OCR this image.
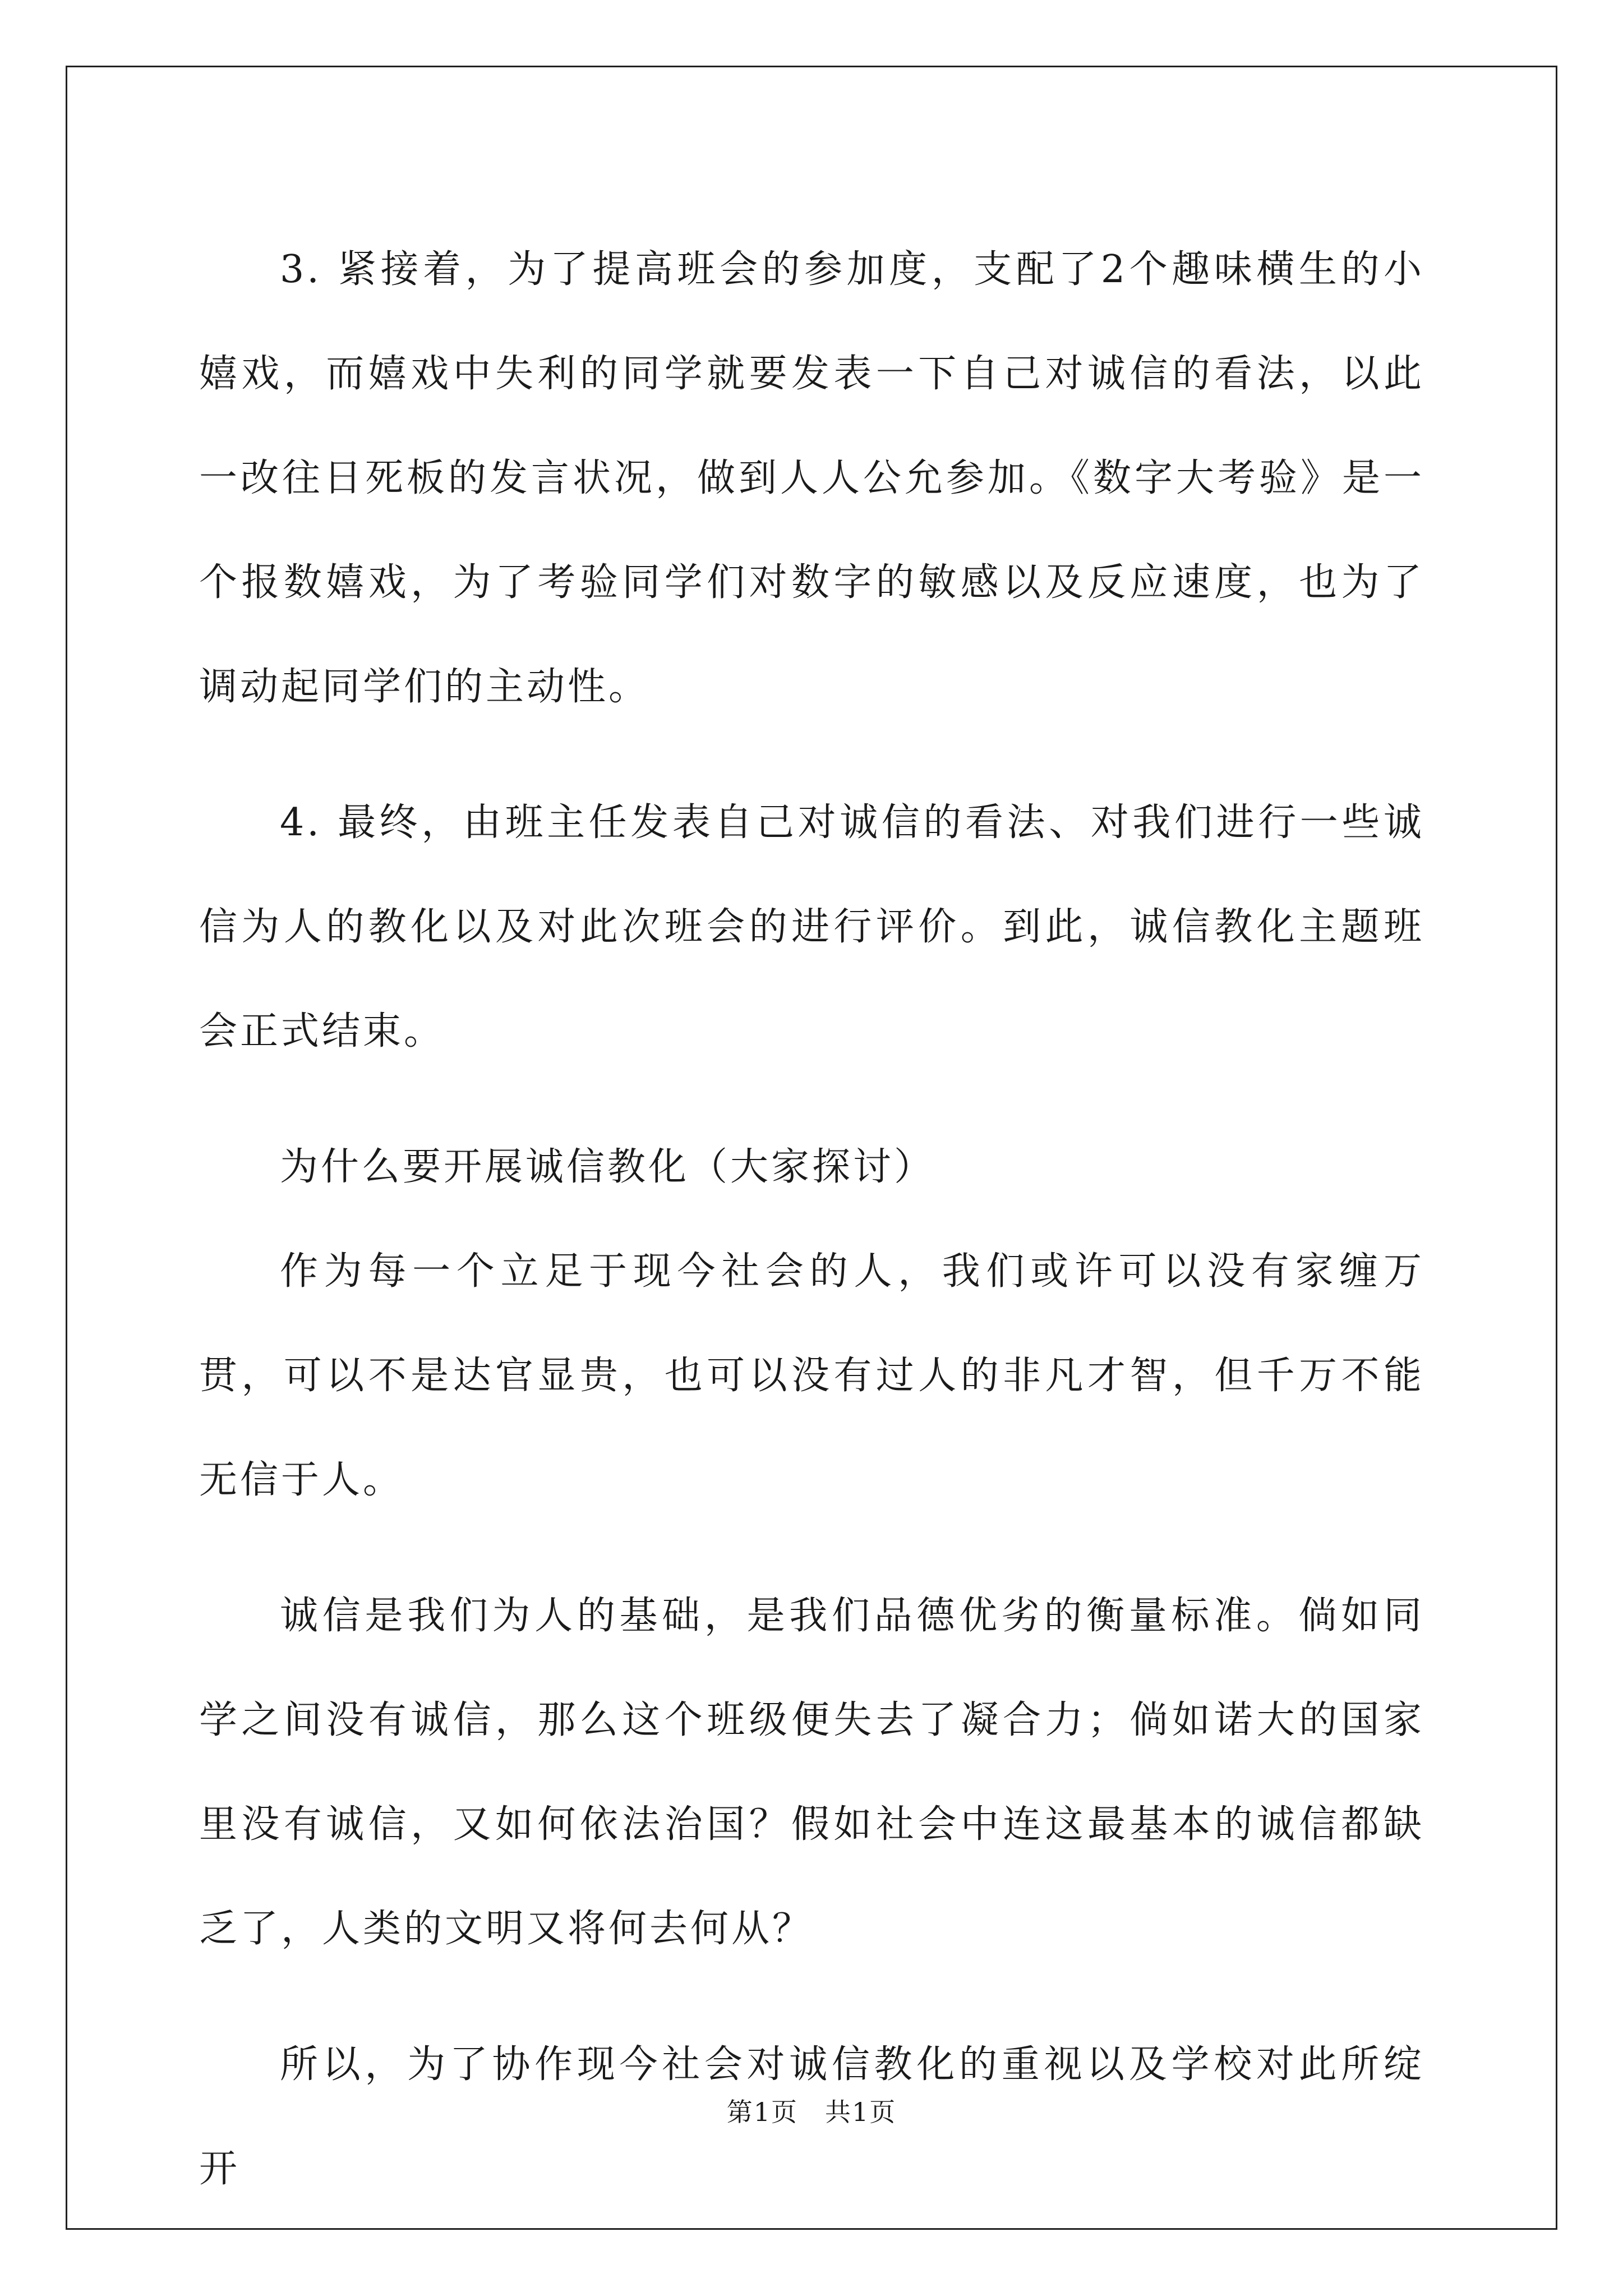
3. 紧接着，为了提高班会的参加度，支配了2个趣味横生的小嬉戏，而嬉戏中失利的同学就要发表一下自己对诚信的看法，以此一改往日死板的发言状况，做到人人公允参加。《数字大考验》是一个报数嬉戏，为了考验同学们对数字的敏感以及反应速度，也为了调动起同学们的主动性。

4. 最终，由班主任发表自己对诚信的看法、对我们进行一些诚信为人的教化以及对此次班会的进行评价。到此，诚信教化主题班会正式结束。

为什么要开展诚信教化（大家探讨）

作为每一个立足于现今社会的人，我们或许可以没有家缠万贯，可以不是达官显贵，也可以没有过人的非凡才智，但千万不能无信于人。

诚信是我们为人的基础，是我们品德优劣的衡量标准。倘如同学之间没有诚信，那么这个班级便失去了凝合力；倘如诺大的国家里没有诚信，又如何依法治国？假如社会中连这最基本的诚信都缺乏了，人类的文明又将何去何从？

所以，为了协作现今社会对诚信教化的重视以及学校对此所绽开

第1页 共1页
